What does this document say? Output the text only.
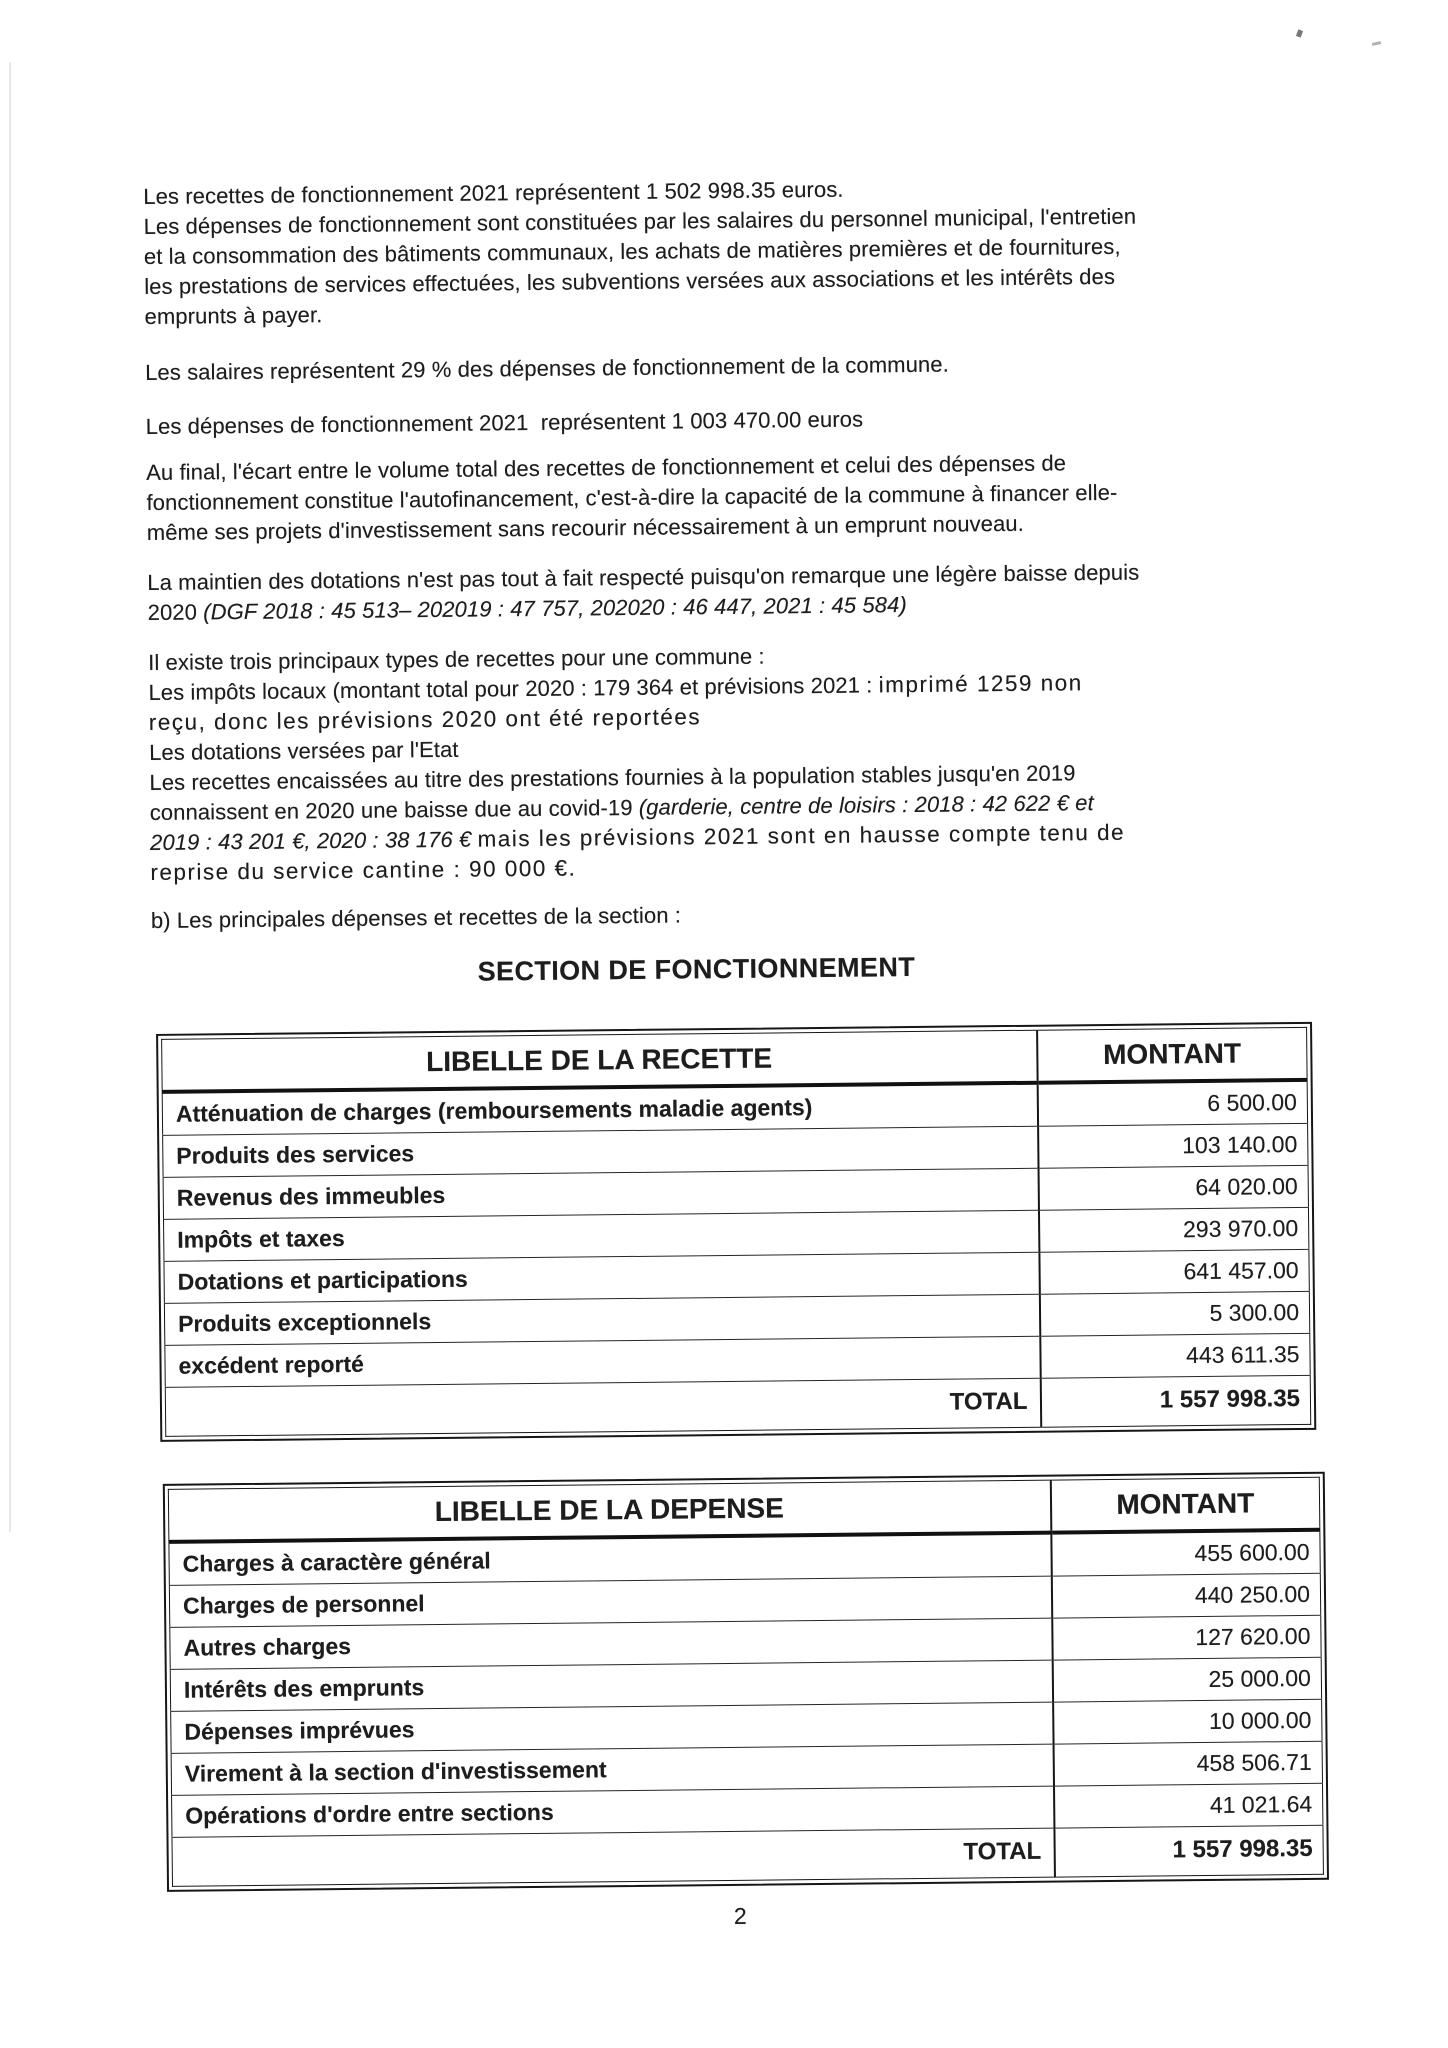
Les recettes de fonctionnement 2021 représentent 1 502 998.35 euros.
Les dépenses de fonctionnement sont constituées par les salaires du personnel municipal, l'entretien
et la consommation des bâtiments communaux, les achats de matières premières et de fournitures,
les prestations de services effectuées, les subventions versées aux associations et les intérêts des
emprunts à payer.
Les salaires représentent 29 % des dépenses de fonctionnement de la commune.
Les dépenses de fonctionnement 2021  représentent 1 003 470.00 euros
Au final, l'écart entre le volume total des recettes de fonctionnement et celui des dépenses de
fonctionnement constitue l'autofinancement, c'est-à-dire la capacité de la commune à financer elle-
même ses projets d'investissement sans recourir nécessairement à un emprunt nouveau.
La maintien des dotations n'est pas tout à fait respecté puisqu'on remarque une légère baisse depuis
2020 (DGF 2018 : 45 513– 202019 : 47 757, 202020 : 46 447, 2021 : 45 584)
Il existe trois principaux types de recettes pour une commune :
Les impôts locaux (montant total pour 2020 : 179 364 et prévisions 2021 : imprimé 1259 non
reçu, donc les prévisions 2020 ont été reportées
Les dotations versées par l'Etat
Les recettes encaissées au titre des prestations fournies à la population stables jusqu'en 2019
connaissent en 2020 une baisse due au covid-19 (garderie, centre de loisirs : 2018 : 42 622 € et
2019 : 43 201 €, 2020 : 38 176 € mais les prévisions 2021 sont en hausse compte tenu de
reprise du service cantine : 90 000 €.
b) Les principales dépenses et recettes de la section :
SECTION DE FONCTIONNEMENT
LIBELLE DE LA RECETTE	MONTANT
Atténuation de charges (remboursements maladie agents)	6 500.00
Produits des services	103 140.00
Revenus des immeubles	64 020.00
Impôts et taxes	293 970.00
Dotations et participations	641 457.00
Produits exceptionnels	5 300.00
excédent reporté	443 611.35
TOTAL	1 557 998.35
LIBELLE DE LA DEPENSE	MONTANT
Charges à caractère général	455 600.00
Charges de personnel	440 250.00
Autres charges	127 620.00
Intérêts des emprunts	25 000.00
Dépenses imprévues	10 000.00
Virement à la section d'investissement	458 506.71
Opérations d'ordre entre sections	41 021.64
TOTAL	1 557 998.35
2
